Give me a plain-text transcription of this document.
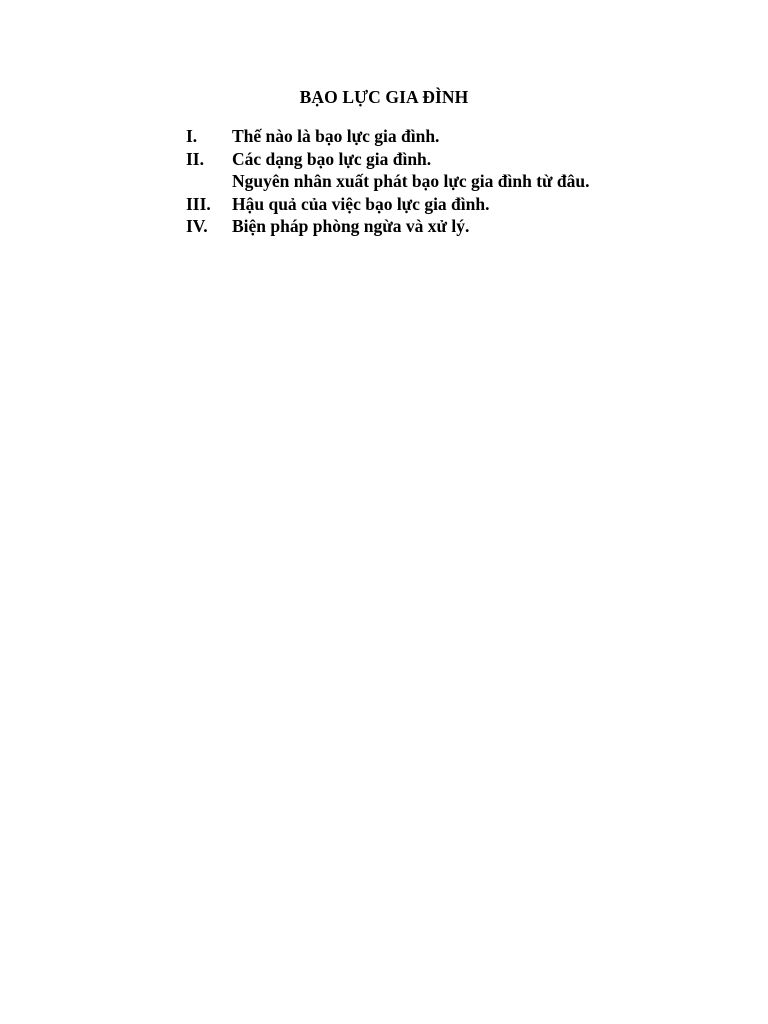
BẠO LỰC GIA ĐÌNH
I.	Thế nào là bạo lực gia đình.
II.	Các dạng bạo lực gia đình.
Nguyên nhân xuất phát bạo lực gia đình từ đâu.
III.	Hậu quả của việc bạo lực gia đình.
IV.	Biện pháp phòng ngừa và xử lý.
